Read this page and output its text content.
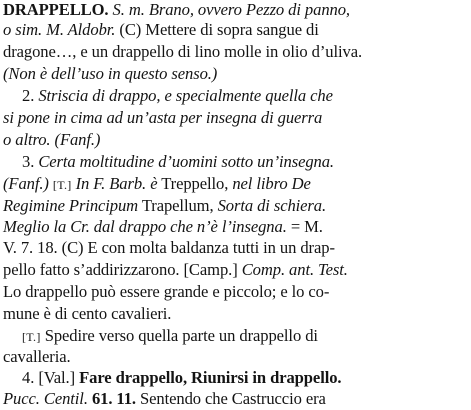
DRAPPELLO. S. m. Brano, ovvero Pezzo di panno,
o sim. M. Aldobr. (C) Mettere di sopra sangue di
dragone…, e un drappello di lino molle in olio d’uliva.
(Non è dell’uso in questo senso.)
2. Striscia di drappo, e specialmente quella che
si pone in cima ad un’asta per insegna di guerra
o altro. (Fanf.)
3. Certa moltitudine d’uomini sotto un’insegna.
(Fanf.) [T.] In F. Barb. è Treppello, nel libro De
Regimine Principum Trapellum, Sorta di schiera.
Meglio la Cr. dal drappo che n’è l’insegna. = M.
V. 7. 18. (C) E con molta baldanza tutti in un drap-
pello fatto s’addirizzarono. [Camp.] Comp. ant. Test.
Lo drappello può essere grande e piccolo; e lo co-
mune è di cento cavalieri.
[T.] Spedire verso quella parte un drappello di
cavalleria.
4. [Val.] Fare drappello, Riunirsi in drappello.
Pucc. Centil. 61. 11. Sentendo che Castruccio era
